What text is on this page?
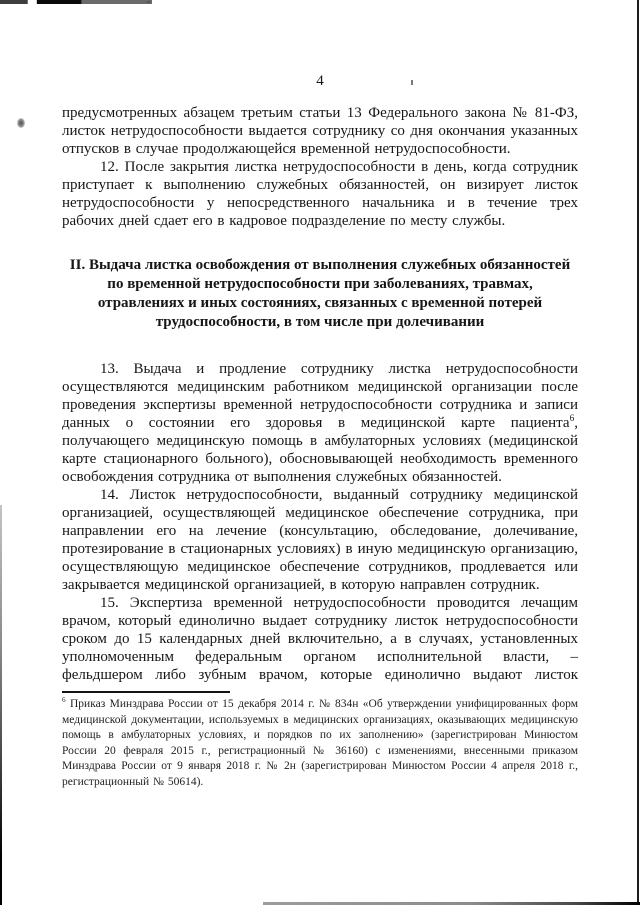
4

предусмотренных абзацем третьим статьи 13 Федерального закона № 81-ФЗ, листок нетрудоспособности выдается сотруднику со дня окончания указанных отпусков в случае продолжающейся временной нетрудоспособности.

12. После закрытия листка нетрудоспособности в день, когда сотрудник приступает к выполнению служебных обязанностей, он визирует листок нетрудоспособности у непосредственного начальника и в течение трех рабочих дней сдает его в кадровое подразделение по месту службы.

II. Выдача листка освобождения от выполнения служебных обязанностей по временной нетрудоспособности при заболеваниях, травмах, отравлениях и иных состояниях, связанных с временной потерей трудоспособности, в том числе при долечивании

13. Выдача и продление сотруднику листка нетрудоспособности осуществляются медицинским работником медицинской организации после проведения экспертизы временной нетрудоспособности сотрудника и записи данных о состоянии его здоровья в медицинской карте пациента$^6$, получающего медицинскую помощь в амбулаторных условиях (медицинской карте стационарного больного), обосновывающей необходимость временного освобождения сотрудника от выполнения служебных обязанностей.

14. Листок нетрудоспособности, выданный сотруднику медицинской организацией, осуществляющей медицинское обеспечение сотрудника, при направлении его на лечение (консультацию, обследование, долечивание, протезирование в стационарных условиях) в иную медицинскую организацию, осуществляющую медицинское обеспечение сотрудников, продлевается или закрывается медицинской организацией, в которую направлен сотрудник.

15. Экспертиза временной нетрудоспособности проводится лечащим врачом, который единолично выдает сотруднику листок нетрудоспособности сроком до 15 календарных дней включительно, а в случаях, установленных уполномоченным федеральным органом исполнительной власти, – фельдшером либо зубным врачом, которые единолично выдают листок

$^6$ Приказ Минздрава России от 15 декабря 2014 г. № 834н «Об утверждении унифицированных форм медицинской документации, используемых в медицинских организациях, оказывающих медицинскую помощь в амбулаторных условиях, и порядков по их заполнению» (зарегистрирован Минюстом России 20 февраля 2015 г., регистрационный № 36160) с изменениями, внесенными приказом Минздрава России от 9 января 2018 г. № 2н (зарегистрирован Минюстом России 4 апреля 2018 г., регистрационный № 50614).
